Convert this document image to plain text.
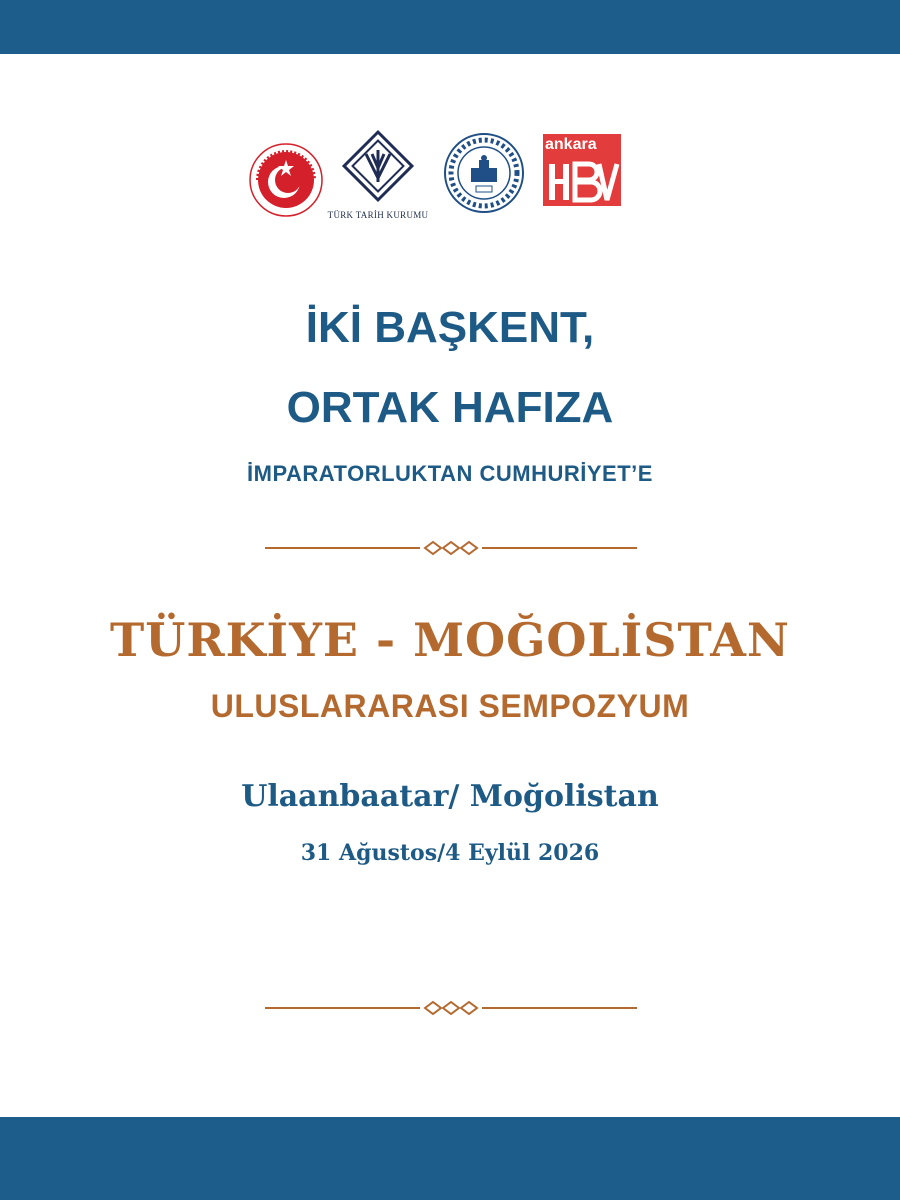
TÜRK TARİH KURUMU
ankara
İKİ BAŞKENT,
ORTAK HAFIZA
İMPARATORLUKTAN CUMHURİYET’E
TÜRKİYE - MOĞOLİSTAN
ULUSLARARASI SEMPOZYUM
Ulaanbaatar/ Moğolistan
31 Ağustos/4 Eylül 2026
